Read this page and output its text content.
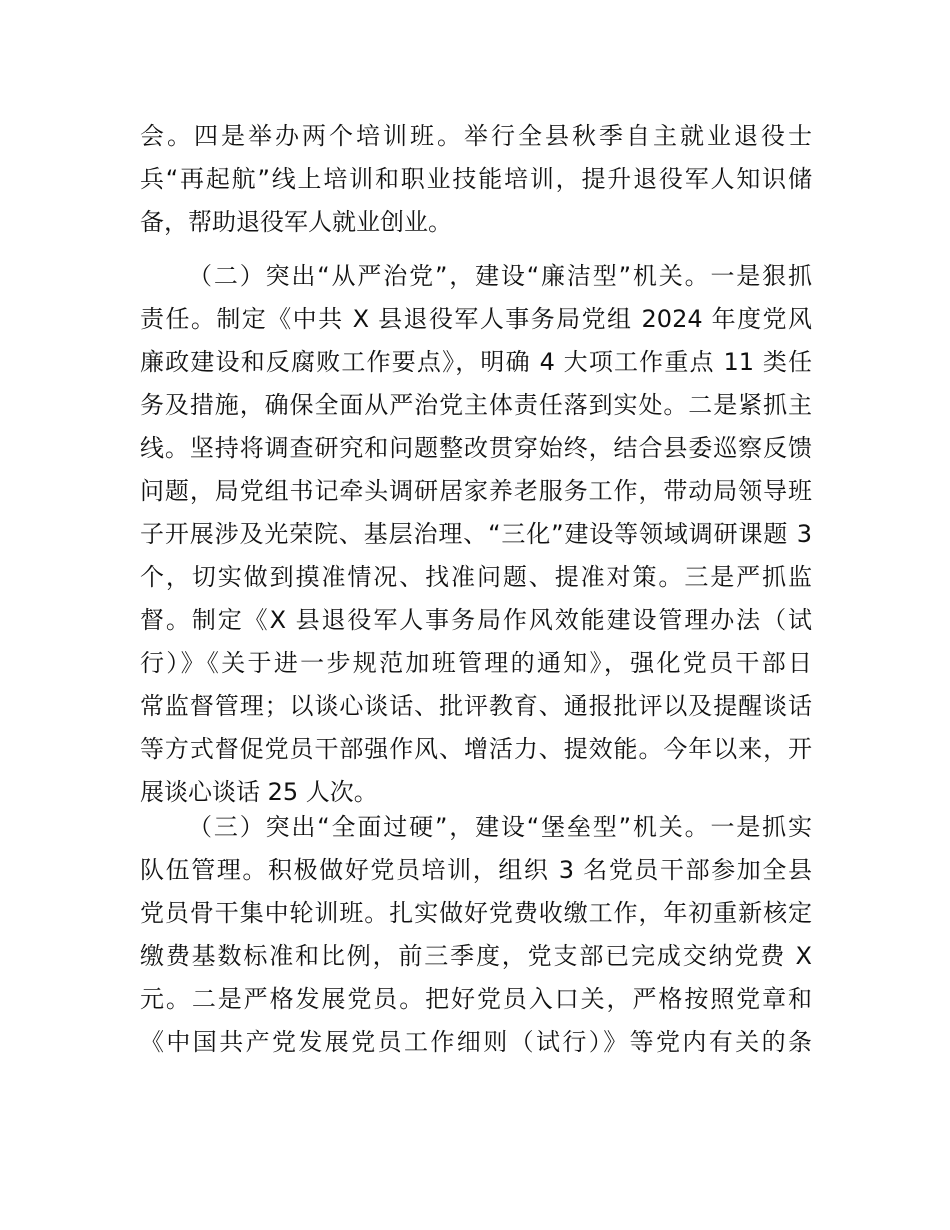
会。四是举办两个培训班。举行全县秋季自主就业退役士
兵“再起航”线上培训和职业技能培训，提升退役军人知识储
备，帮助退役军人就业创业。
（二）突出“从严治党”，建设“廉洁型”机关。一是狠抓
责任。制定《中共 X 县退役军人事务局党组 2024 年度党风
廉政建设和反腐败工作要点》，明确 4 大项工作重点 11 类任
务及措施，确保全面从严治党主体责任落到实处。二是紧抓主
线。坚持将调查研究和问题整改贯穿始终，结合县委巡察反馈
问题，局党组书记牵头调研居家养老服务工作，带动局领导班
子开展涉及光荣院、基层治理、“三化”建设等领域调研课题 3
个，切实做到摸准情况、找准问题、提准对策。三是严抓监
督。制定《X 县退役军人事务局作风效能建设管理办法（试
行）》《关于进一步规范加班管理的通知》，强化党员干部日
常监督管理；以谈心谈话、批评教育、通报批评以及提醒谈话
等方式督促党员干部强作风、增活力、提效能。今年以来，开
展谈心谈话 25 人次。
（三）突出“全面过硬”，建设“堡垒型”机关。一是抓实
队伍管理。积极做好党员培训，组织 3 名党员干部参加全县
党员骨干集中轮训班。扎实做好党费收缴工作，年初重新核定
缴费基数标准和比例，前三季度，党支部已完成交纳党费 X
元。二是严格发展党员。把好党员入口关，严格按照党章和
《中国共产党发展党员工作细则（试行）》等党内有关的条
